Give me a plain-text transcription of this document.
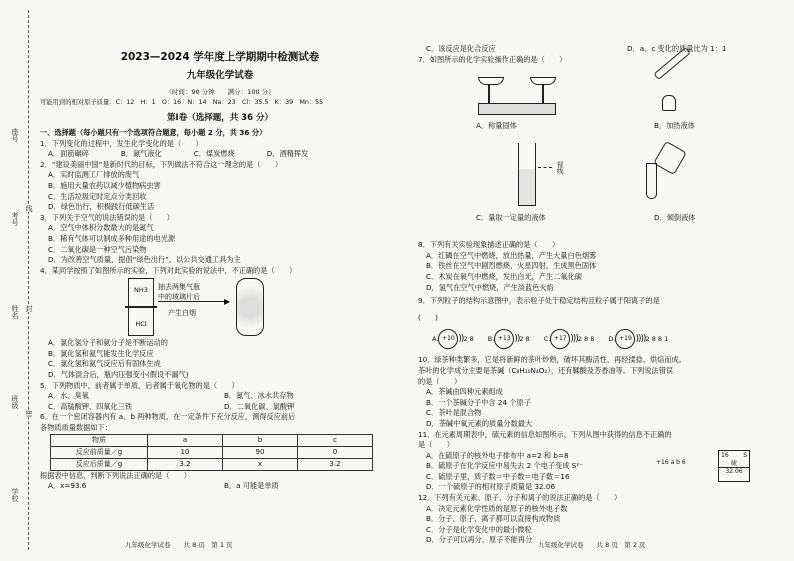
座号
考号
线
姓名 封
班级
密
学校
2023—2024 学年度上学期期中检测试卷
九年级化学试卷
（时间：90 分钟　　满分：100 分）
可能用到的相对原子质量：C：12　H：1　O：16　N：14　Na：23　Cl：35.5　K：39　Mn：55
第Ⅰ卷（选择题，共 36 分）
一、选择题（每小题只有一个选项符合题意，每小题 2 分，共 36 分）
1．下列变化的过程中，发生化学变化的是（　　）
A．面筋碾碎	B．氮气液化	C．煤炭燃烧	D．酒精挥发
2．“建设美丽中国”是新时代的目标，下列做法不符合这一理念的是（　　）
A．实时监测工厂排放的废气
B．施用大量农药以减少植物病虫害
C．生活垃圾定时定点分类回收
D．绿色出行，积极践行低碳生活
3．下列关于空气的说法错误的是（　　）
A．空气中体积分数最大的是氮气
B．稀有气体可以制成多种用途的电光源
C．二氧化碳是一种空气污染物
D．为改善空气质量，提倡“绿色出行”，以公共交通工具为主
4．某同学按照了如图所示的实验，下列对此实验的说法中，不正确的是（　　）
NH3
HCl
抽去两集气瓶
中的玻璃片后	▶
产生白烟
A．氯化氢分子和氨分子是不断运动的
B．氯化氢和氨气能发生化学反应
C．氯化氢和氨气反应后有固体生成
D．气体混合后，瓶内压强变小(假设不漏气)
5．下列物质中，前者属于单质，后者属于氧化物的是（　　）
A．水、臭氧	B．氮气、冰水共存物
C．高锰酸钾、四氧化三铁	D．二氧化碳、氯酸钾
6．在一个密闭容器内有 a、b 两种物质，在一定条件下充分反应，测得反应前后
各物质质量数据如下：
物质	a	b	c
反应前质量／g	10	90	0
反应后质量／g	3.2	x	3.2
根据表中信息，判断下列说法正确的是（　　）
A．x=93.6	B．a 可能是单质
九年级化学试卷　　共 8 页　第 1 页
C．该反应是化合反应	D．a、c 变化的质量比为 1：1
7．如图所示的化学实验操作正确的是（　　）
A．称量固体	B．加热液体
视线
C．量取一定量的液体	D．倾倒液体
8．下列有关实验现象描述正确的是（　　）
A．红磷在空气中燃烧，放出热量，产生大量白色烟雾
B．铁丝在空气中剧烈燃烧，火星四射，生成黑色固体
C．木炭在氧气中燃烧，发出白光，产生二氧化碳
D．氢气在空气中燃烧，产生淡蓝色火焰
9．下列粒子的结构示意图中，表示粒子处于稳定结构且粒子属于阳离子的是
(　　)
A. +10 )) 2 8 B. +13 )) 2 8 C. +17 ))) 2 8 8 D. +19 )))) 2 8 8 1
10．绿茶种类繁多，它是将新鲜的茶叶炒熟，破坏其酶活性，再经揉捻、烘焙而成。
茶叶的化学成分主要是茶碱（C₈H₁₀N₄O₂），还有鞣酸及芳香油等。下列说法错误
的是（　　）
A．茶碱由四种元素组成
B．一个茶碱分子中含 24 个原子
C．茶叶是混合物
D．茶碱中氧元素的质量分数最大
11．在元素周期表中，硫元素的信息如图所示，下列从图中获得的信息不正确的
是（　　）
A．在硫原子的核外电子排布中 a=2 和 b=8
B．硫原子在化学反应中易失去 2 个电子变成 S²⁻
C．硫原子里，质子数＝中子数＝电子数＝16
D．一个硫原子的相对原子质量是 32.06
+16 a b 6
16 S
硫
32.06
12．下列有关元素、原子、分子和离子的说法正确的是（　　）
A．决定元素化学性质的是原子的核外电子数
B．分子、原子、离子都可以直接构成物质
C．分子是化学变化中的最小微粒
D．分子可以再分，原子不能再分
九年级化学试卷　　共 8 页　第 2 页
